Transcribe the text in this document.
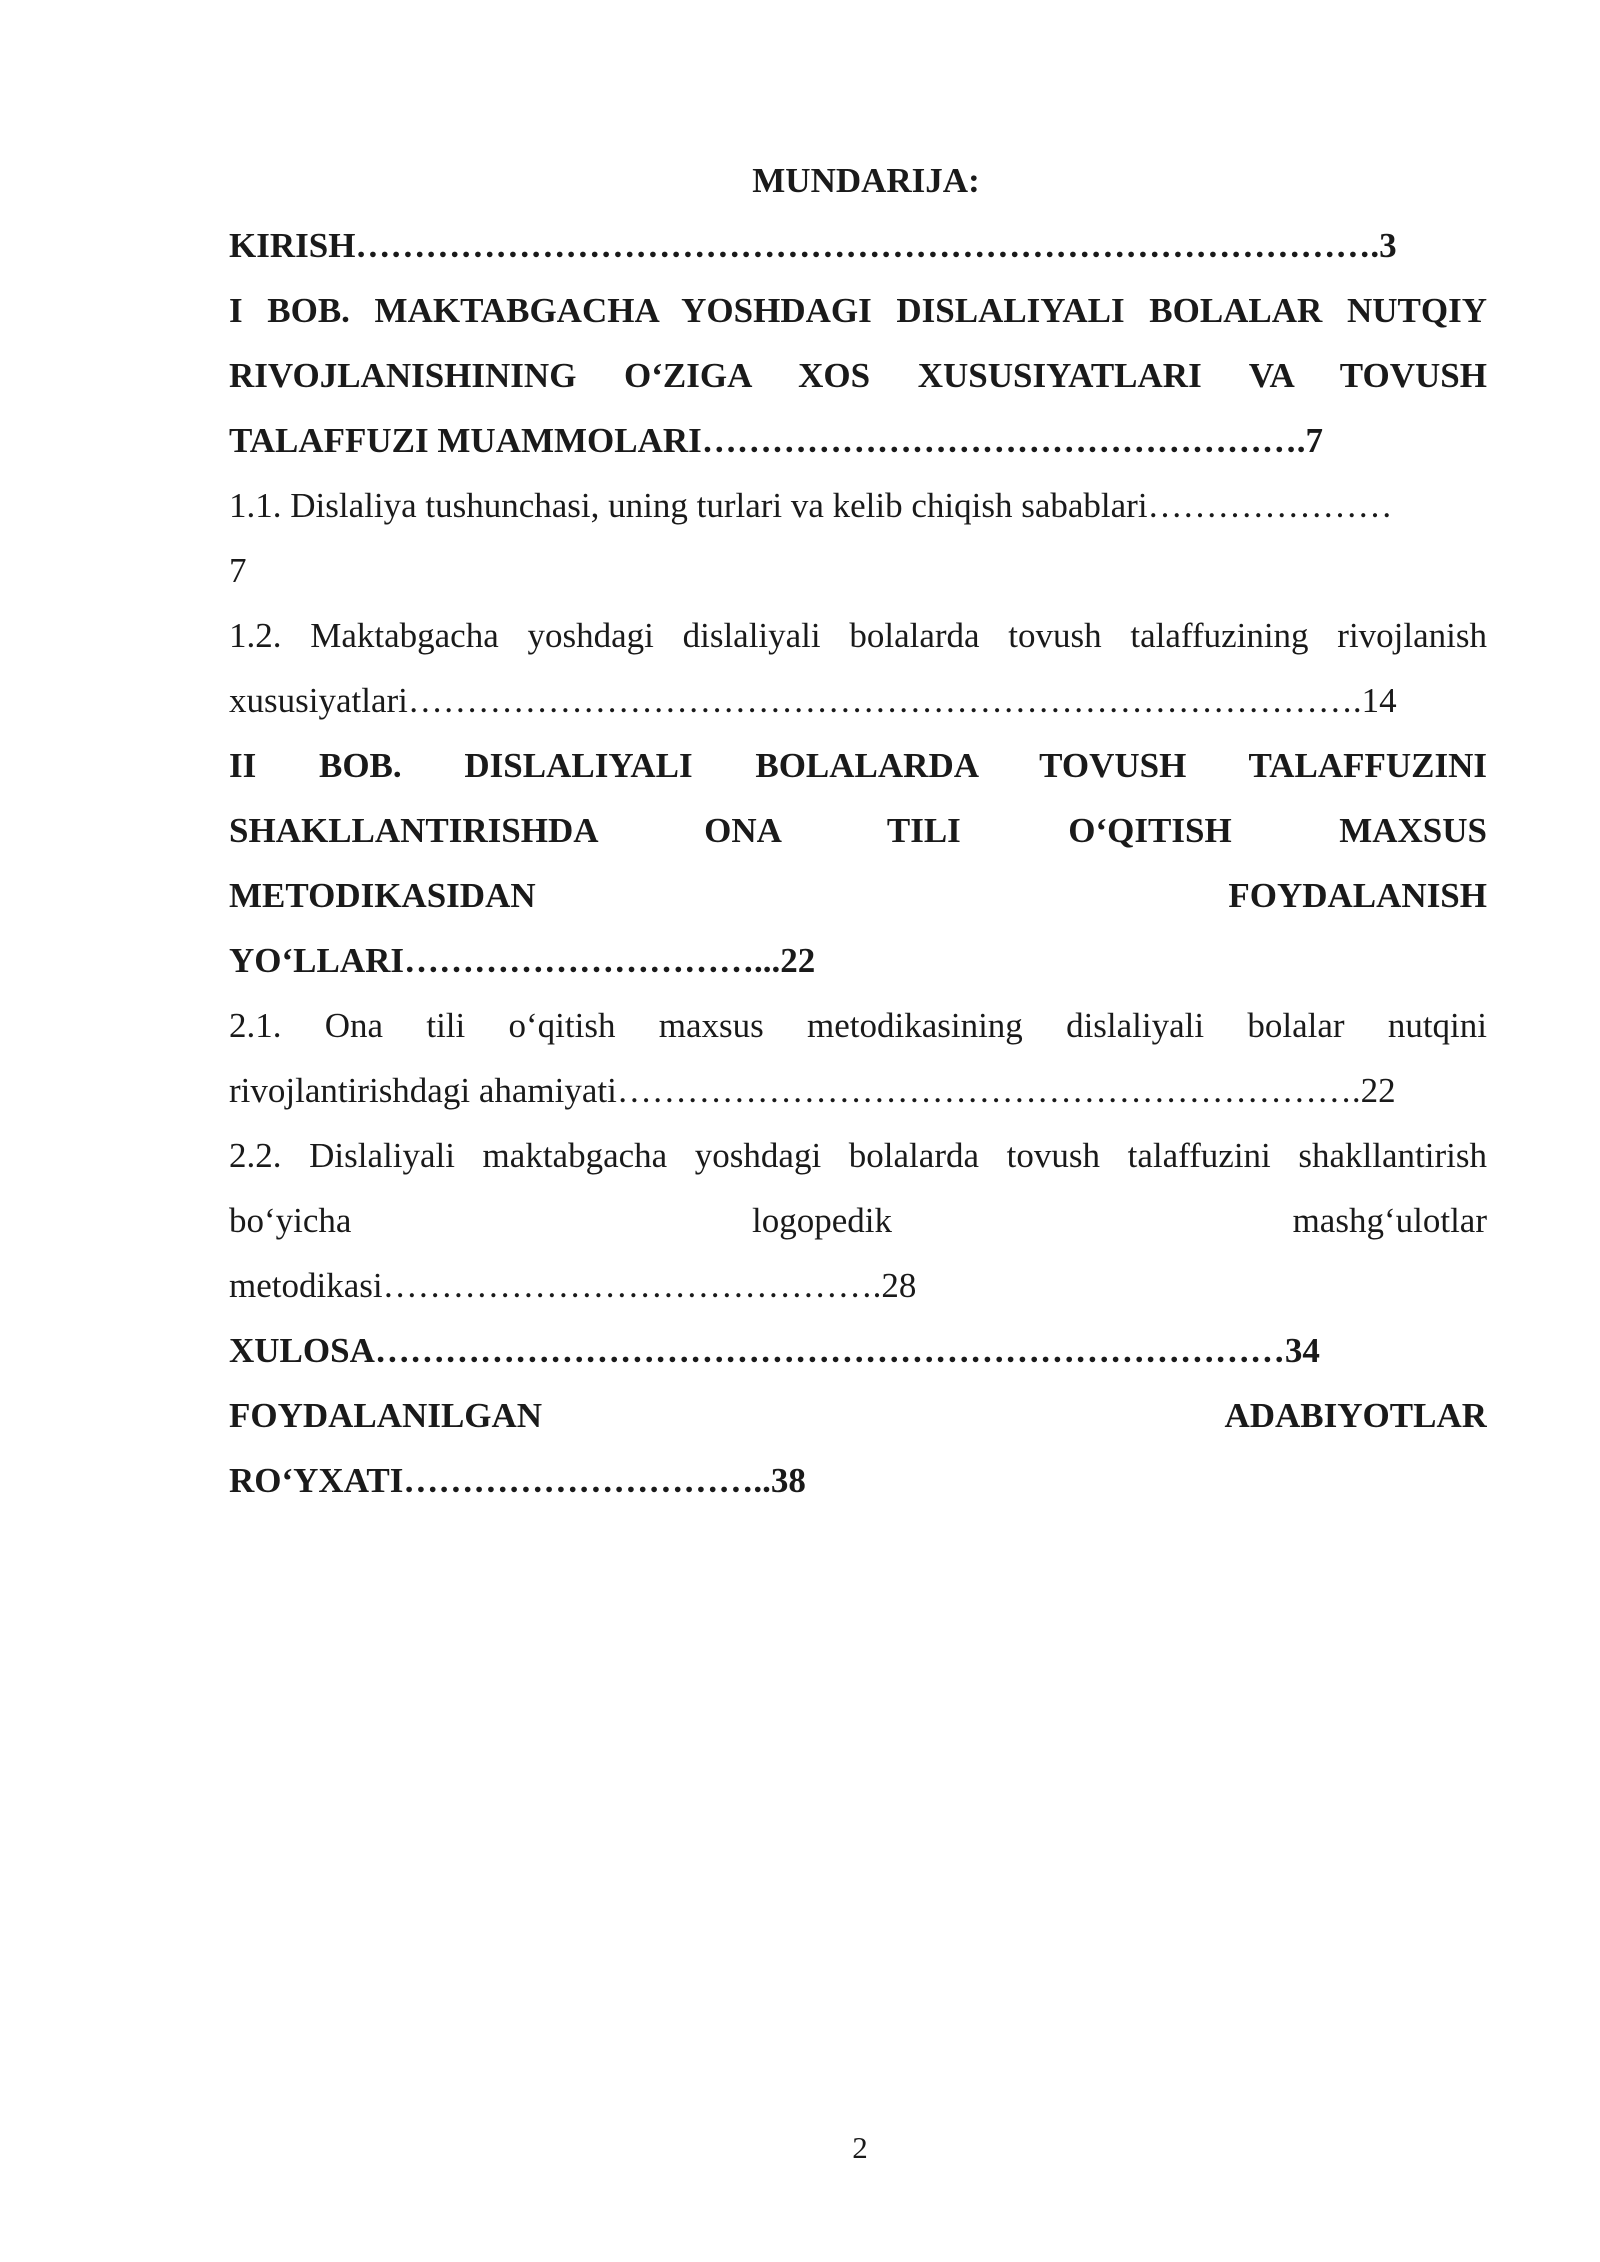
MUNDARIJA:
KIRISH…………………………………………………………………………….3
I BOB. MAKTABGACHA YOSHDAGI DISLALIYALI BOLALAR NUTQIY
RIVOJLANISHINING O‘ZIGA XOS XUSUSIYATLARI VA TOVUSH
TALAFFUZI MUAMMOLARI…………………………………………….7
1.1. Dislaliya tushunchasi, uning turlari va kelib chiqish sabablari…………………
7
1.2. Maktabgacha yoshdagi dislaliyali bolalarda tovush talaffuzining rivojlanish
xususiyatlari……………………………………………………………………….14
II BOB. DISLALIYALI BOLALARDA TOVUSH TALAFFUZINI
SHAKLLANTIRISHDA ONA TILI O‘QITISH MAXSUS
METODIKASIDAN FOYDALANISH
YO‘LLARI…………………………...22
2.1. Ona tili o‘qitish maxsus metodikasining dislaliyali bolalar nutqini
rivojlantirishdagi ahamiyati……………………………………………………….22
2.2. Dislaliyali maktabgacha yoshdagi bolalarda tovush talaffuzini shakllantirish
bo‘yicha logopedik mashg‘ulotlar
metodikasi…………………………………….28
XULOSA……………………………………………………………………34
FOYDALANILGAN ADABIYOTLAR
RO‘YXATI…………………………..38
2
